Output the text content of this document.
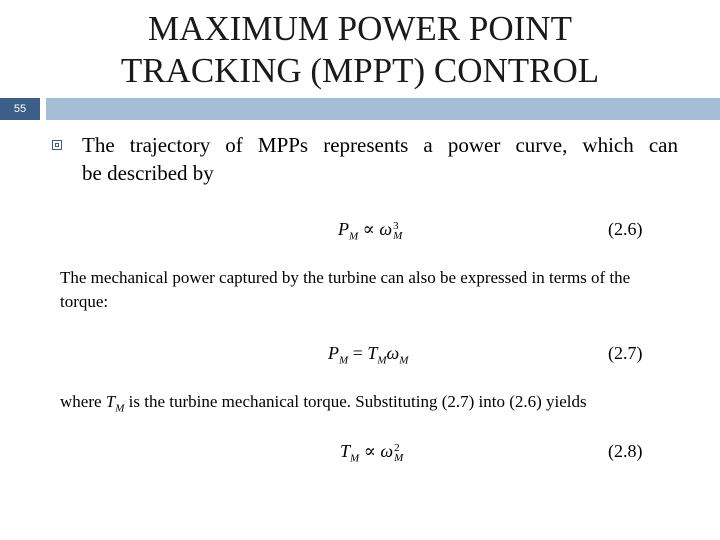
MAXIMUM POWER POINT
TRACKING (MPPT) CONTROL
55
The trajectory of MPPs represents a power curve, which can
be described by
$P_M \propto \omega$ 3
M	(2.6)
The mechanical power captured by the turbine can also be expressed in terms of the
torque:
$P_M = T_M\omega_M$	(2.7)
where $T_M$ is the turbine mechanical torque. Substituting (2.7) into (2.6) yields
$T_M \propto \omega$ 2
M	(2.8)
